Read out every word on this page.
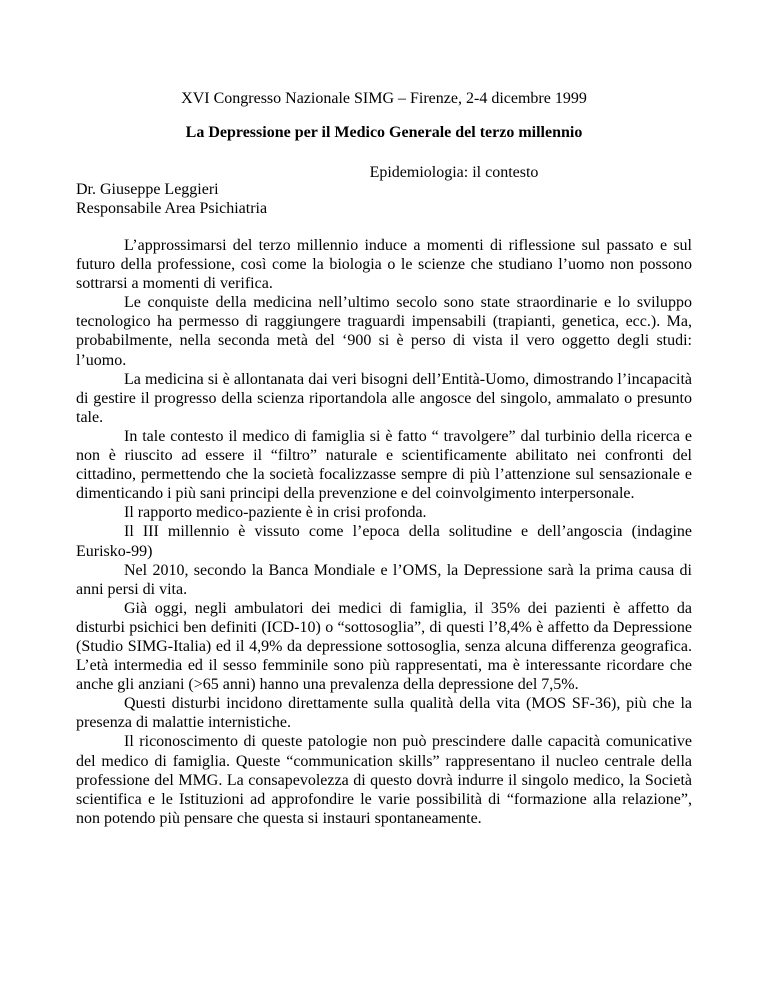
XVI Congresso Nazionale SIMG – Firenze, 2-4 dicembre 1999
La Depressione per il Medico Generale del terzo millennio
Epidemiologia: il contesto
Dr. Giuseppe Leggieri
Responsabile Area Psichiatria

L’approssimarsi del terzo millennio induce a momenti di riflessione sul passato e sul futuro della professione, così come la biologia o le scienze che studiano l’uomo non possono sottrarsi a momenti di verifica.

Le conquiste della medicina nell’ultimo secolo sono state straordinarie e lo sviluppo tecnologico ha permesso di raggiungere traguardi impensabili (trapianti, genetica, ecc.). Ma, probabilmente, nella seconda metà del ‘900 si è perso di vista il vero oggetto degli studi: l’uomo.

La medicina si è allontanata dai veri bisogni dell’Entità-Uomo, dimostrando l’incapacità di gestire il progresso della scienza riportandola alle angosce del singolo, ammalato o presunto tale.

In tale contesto il medico di famiglia si è fatto “ travolgere” dal turbinio della ricerca e non è riuscito ad essere il “filtro” naturale e scientificamente abilitato nei confronti del cittadino, permettendo che la società focalizzasse sempre di più l’attenzione sul sensazionale e dimenticando i più sani principi della prevenzione e del coinvolgimento interpersonale.

Il rapporto medico-paziente è in crisi profonda.

Il III millennio è vissuto come l’epoca della solitudine e dell’angoscia (indagine Eurisko-99)

Nel 2010, secondo la Banca Mondiale e l’OMS, la Depressione sarà la prima causa di anni persi di vita.

Già oggi, negli ambulatori dei medici di famiglia, il 35% dei pazienti è affetto da disturbi psichici ben definiti (ICD-10) o “sottosoglia”, di questi l’8,4% è affetto da Depressione (Studio SIMG-Italia) ed il 4,9% da depressione sottosoglia, senza alcuna differenza geografica. L’età intermedia ed il sesso femminile sono più rappresentati, ma è interessante ricordare che anche gli anziani (>65 anni) hanno una prevalenza della depressione del 7,5%.

Questi disturbi incidono direttamente sulla qualità della vita (MOS SF-36), più che la presenza di malattie internistiche.

Il riconoscimento di queste patologie non può prescindere dalle capacità comunicative del medico di famiglia. Queste “communication skills” rappresentano il nucleo centrale della professione del MMG. La consapevolezza di questo dovrà indurre il singolo medico, la Società scientifica e le Istituzioni ad approfondire le varie possibilità di “formazione alla relazione”, non potendo più pensare che questa si instauri spontaneamente.
